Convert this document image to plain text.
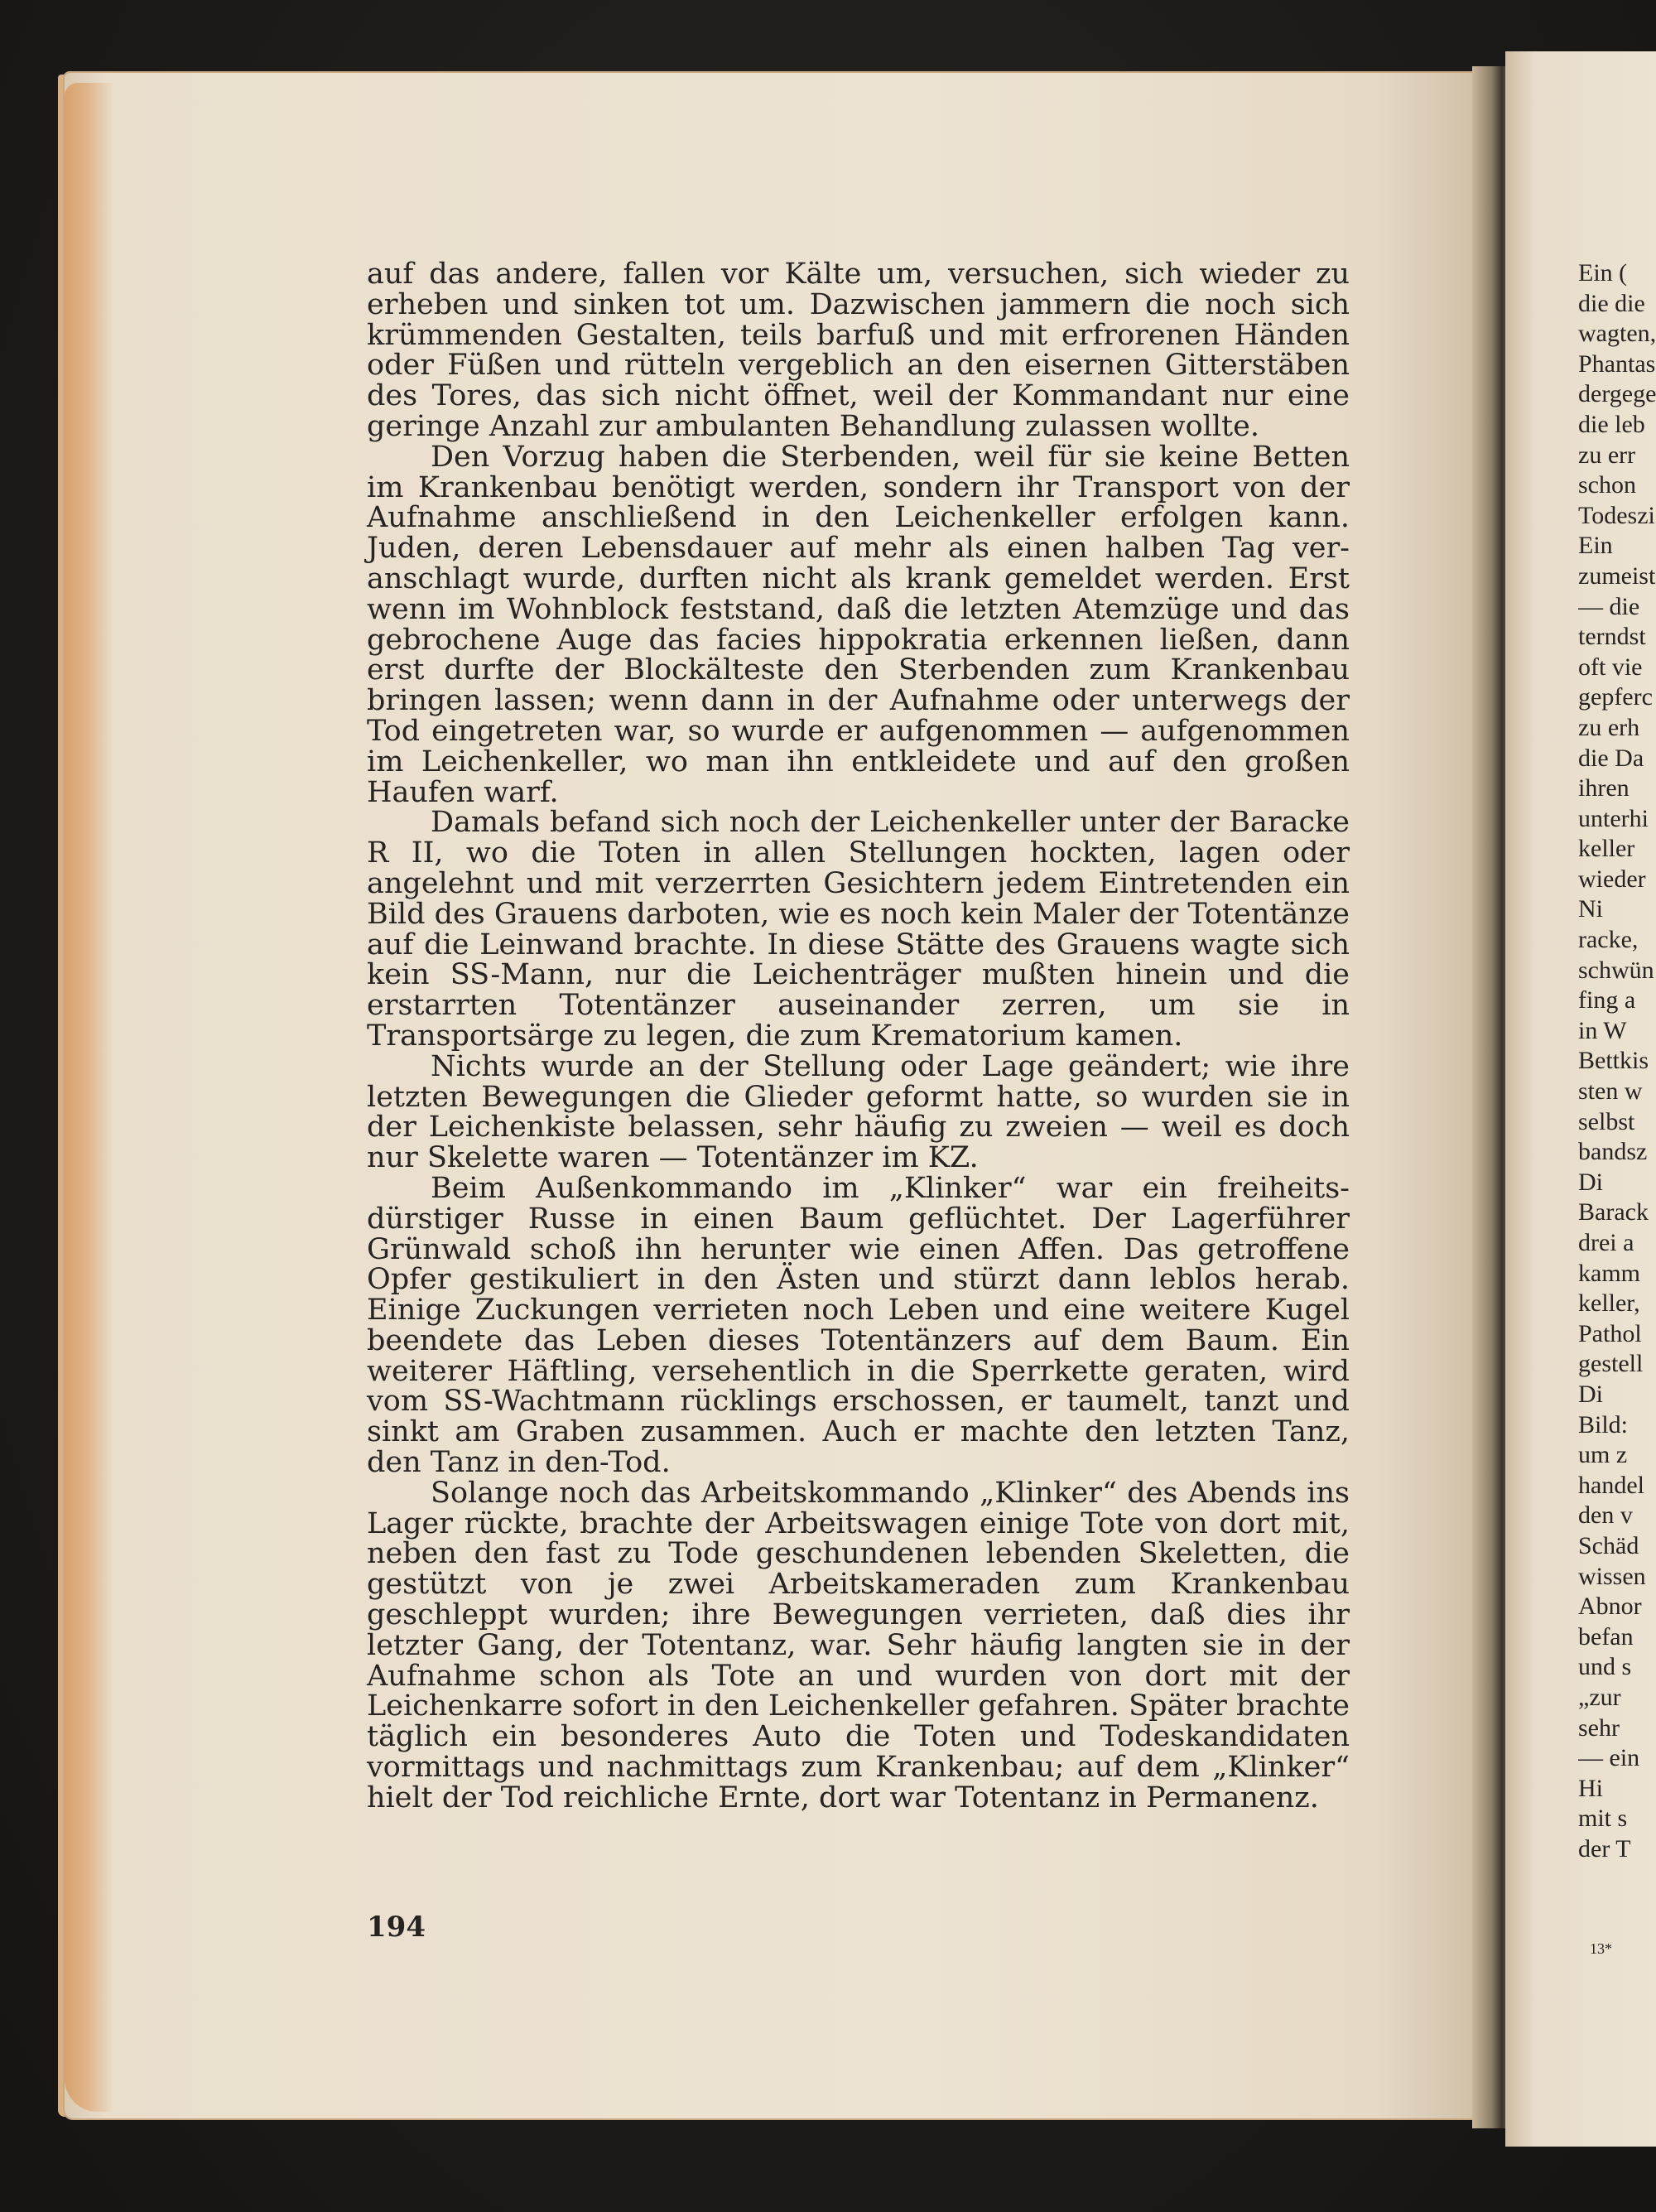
auf das andere, fallen vor Kälte um, versuchen, sich wieder zu erheben und sinken tot um. Dazwischen jammern die noch sich krümmenden Gestalten, teils barfuß und mit erfrorenen Händen oder Füßen und rütteln vergeblich an den eisernen Gitterstäben des Tores, das sich nicht öffnet, weil der Kommandant nur eine geringe Anzahl zur ambulanten Behandlung zulassen wollte.

Den Vorzug haben die Sterbenden, weil für sie keine Betten im Krankenbau benötigt werden, sondern ihr Transport von der Aufnahme anschließend in den Leichenkeller erfolgen kann. Juden, deren Lebensdauer auf mehr als einen halben Tag veranschlagt wurde, durften nicht als krank gemeldet werden. Erst wenn im Wohnblock feststand, daß die letzten Atemzüge und das gebrochene Auge das facies hippokratia erkennen ließen, dann erst durfte der Blockälteste den Sterbenden zum Krankenbau bringen lassen; wenn dann in der Aufnahme oder unterwegs der Tod eingetreten war, so wurde er aufgenommen — aufgenommen im Leichenkeller, wo man ihn entkleidete und auf den großen Haufen warf.

Damals befand sich noch der Leichenkeller unter der Baracke R II, wo die Toten in allen Stellungen hockten, lagen oder angelehnt und mit verzerrten Gesichtern jedem Eintretenden ein Bild des Grauens darboten, wie es noch kein Maler der Totentänze auf die Leinwand brachte. In diese Stätte des Grauens wagte sich kein SS-Mann, nur die Leichenträger mußten hinein und die erstarrten Totentänzer auseinander zerren, um sie in Transportsärge zu legen, die zum Krematorium kamen.

Nichts wurde an der Stellung oder Lage geändert; wie ihre letzten Bewegungen die Glieder geformt hatte, so wurden sie in der Leichenkiste belassen, sehr häufig zu zweien — weil es doch nur Skelette waren — Totentänzer im KZ.

Beim Außenkommando im „Klinker“ war ein freiheitsdürstiger Russe in einen Baum geflüchtet. Der Lagerführer Grünwald schoß ihn herunter wie einen Affen. Das getroffene Opfer gestikuliert in den Ästen und stürzt dann leblos herab. Einige Zuckungen verrieten noch Leben und eine weitere Kugel beendete das Leben dieses Totentänzers auf dem Baum. Ein weiterer Häftling, versehentlich in die Sperrkette geraten, wird vom SS-Wachtmann rücklings erschossen, er taumelt, tanzt und sinkt am Graben zusammen. Auch er machte den letzten Tanz, den Tanz in den-Tod.

Solange noch das Arbeitskommando „Klinker“ des Abends ins Lager rückte, brachte der Arbeitswagen einige Tote von dort mit, neben den fast zu Tode geschundenen lebenden Skeletten, die gestützt von je zwei Arbeitskameraden zum Krankenbau geschleppt wurden; ihre Bewegungen verrieten, daß dies ihr letzter Gang, der Totentanz, war. Sehr häufig langten sie in der Aufnahme schon als Tote an und wurden von dort mit der Leichenkarre sofort in den Leichenkeller gefahren. Später brachte täglich ein besonderes Auto die Toten und Todeskandidaten vormittags und nachmittags zum Krankenbau; auf dem „Klinker“ hielt der Tod reichliche Ernte, dort war Totentanz in Permanenz.

194
Ein (
die die
wagten,
Phantas
dergege
die leb
zu err
schon
Todeszi
Ein
zumeist
— die
terndst
oft vie
gepferc
zu erh
die Da
ihren
unterhi
keller
wieder
Ni
racke,
schwün
fing a
in W
Bettkis
sten w
selbst
bandsz
Di
Barack
drei a
kamm
keller,
Pathol
gestell
Di
Bild:
um z
handel
den v
Schäd
wissen
Abnor
befan
und s
„zur
sehr
— ein
Hi
mit s
der T
13*
